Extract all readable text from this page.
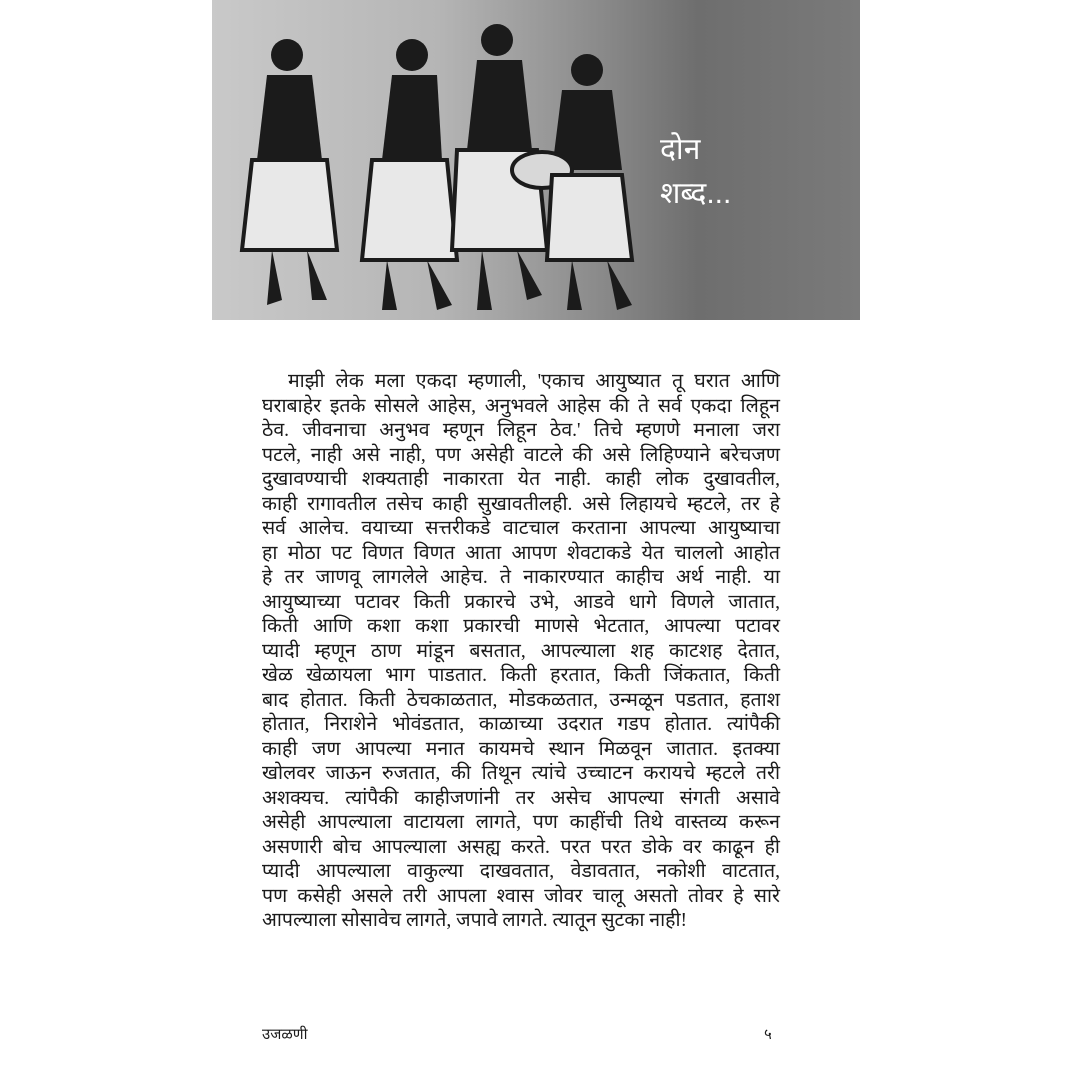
दोन
शब्द...
माझी लेक मला एकदा म्हणाली, 'एकाच आयुष्यात तू घरात आणि
घराबाहेर इतके सोसले आहेस, अनुभवले आहेस की ते सर्व एकदा लिहून
ठेव. जीवनाचा अनुभव म्हणून लिहून ठेव.' तिचे म्हणणे मनाला जरा
पटले, नाही असे नाही, पण असेही वाटले की असे लिहिण्याने बरेचजण
दुखावण्याची शक्यताही नाकारता येत नाही. काही लोक दुखावतील,
काही रागावतील तसेच काही सुखावतीलही. असे लिहायचे म्हटले, तर हे
सर्व आलेच. वयाच्या सत्तरीकडे वाटचाल करताना आपल्या आयुष्याचा
हा मोठा पट विणत विणत आता आपण शेवटाकडे येत चाललो आहोत
हे तर जाणवू लागलेले आहेच. ते नाकारण्यात काहीच अर्थ नाही. या
आयुष्याच्या पटावर किती प्रकारचे उभे, आडवे धागे विणले जातात,
किती आणि कशा कशा प्रकारची माणसे भेटतात, आपल्या पटावर
प्यादी म्हणून ठाण मांडून बसतात, आपल्याला शह काटशह देतात,
खेळ खेळायला भाग पाडतात. किती हरतात, किती जिंकतात, किती
बाद होतात. किती ठेचकाळतात, मोडकळतात, उन्मळून पडतात, हताश
होतात, निराशेने भोवंडतात, काळाच्या उदरात गडप होतात. त्यांपैकी
काही जण आपल्या मनात कायमचे स्थान मिळवून जातात. इतक्या
खोलवर जाऊन रुजतात, की तिथून त्यांचे उच्चाटन करायचे म्हटले तरी
अशक्यच. त्यांपैकी काहीजणांनी तर असेच आपल्या संगती असावे
असेही आपल्याला वाटायला लागते, पण काहींची तिथे वास्तव्य करून
असणारी बोच आपल्याला असह्य करते. परत परत डोके वर काढून ही
प्यादी आपल्याला वाकुल्या दाखवतात, वेडावतात, नकोशी वाटतात,
पण कसेही असले तरी आपला श्वास जोवर चालू असतो तोवर हे सारे
आपल्याला सोसावेच लागते, जपावे लागते. त्यातून सुटका नाही!
उजळणी	५
